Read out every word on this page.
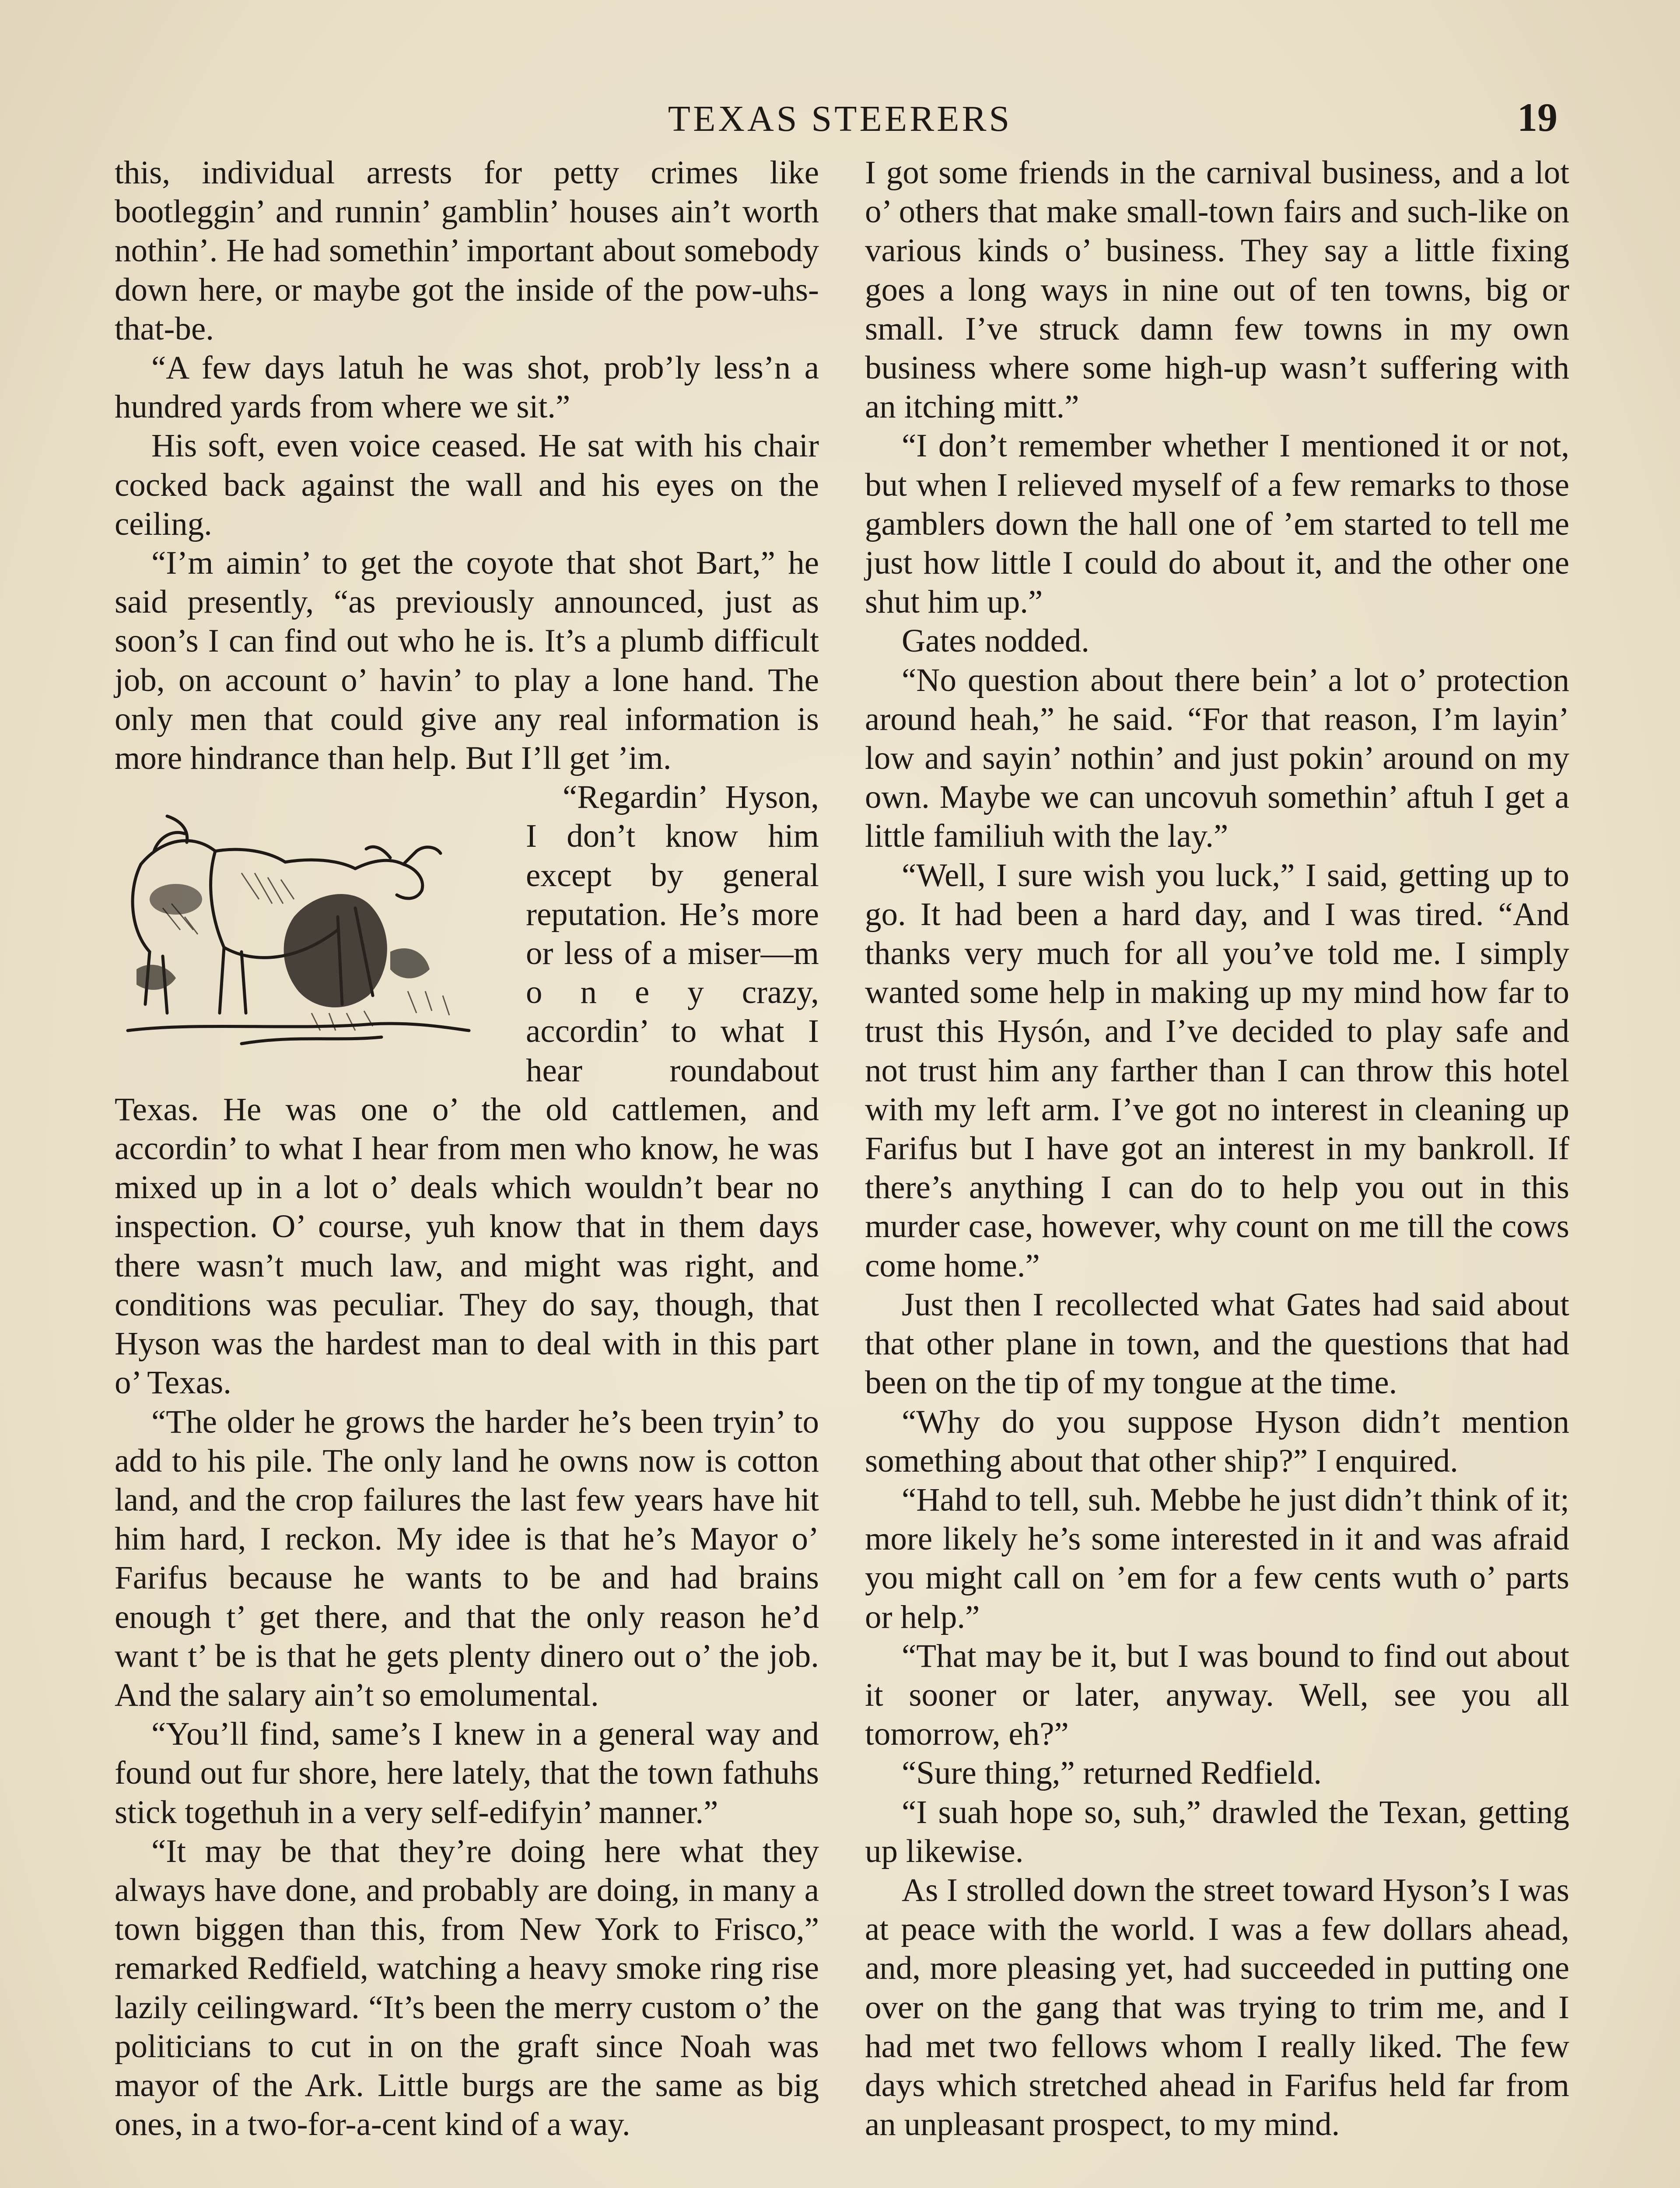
TEXAS STEERERS	19

this, individual arrests for petty crimes like bootleggin’ and runnin’ gamblin’ houses ain’t worth nothin’. He had somethin’ important about somebody down here, or maybe got the inside of the pow-uhs-that-be.

“A few days latuh he was shot, prob’ly less’n a hundred yards from where we sit.”

His soft, even voice ceased. He sat with his chair cocked back against the wall and his eyes on the ceiling.

“I’m aimin’ to get the coyote that shot Bart,” he said presently, “as previously announced, just as soon’s I can find out who he is. It’s a plumb difficult job, on account o’ havin’ to play a lone hand. The only men that could give any real information is more hindrance than help. But I’ll get ’im.

“Regardin’ Hyson, I don’t know him except by general reputation. He’s more or less of a miser—m o n e y crazy, accordin’ to what I hear roundabout Texas. He was one o’ the old cattlemen, and accordin’ to what I hear from men who know, he was mixed up in a lot o’ deals which wouldn’t bear no inspection. O’ course, yuh know that in them days there wasn’t much law, and might was right, and conditions was peculiar. They do say, though, that Hyson was the hardest man to deal with in this part o’ Texas.

“The older he grows the harder he’s been tryin’ to add to his pile. The only land he owns now is cotton land, and the crop failures the last few years have hit him hard, I reckon. My idee is that he’s Mayor o’ Farifus because he wants to be and had brains enough t’ get there, and that the only reason he’d want t’ be is that he gets plenty dinero out o’ the job. And the salary ain’t so emolumental.

“You’ll find, same’s I knew in a general way and found out fur shore, here lately, that the town fathuhs stick togethuh in a very self-edifyin’ manner.”

“It may be that they’re doing here what they always have done, and probably are doing, in many a town biggen than this, from New York to Frisco,” remarked Redfield, watching a heavy smoke ring rise lazily ceilingward. “It’s been the merry custom o’ the politicians to cut in on the graft since Noah was mayor of the Ark. Little burgs are the same as big ones, in a two-for-a-cent kind of a way.

I got some friends in the carnival business, and a lot o’ others that make small-town fairs and such-like on various kinds o’ business. They say a little fixing goes a long ways in nine out of ten towns, big or small. I’ve struck damn few towns in my own business where some high-up wasn’t suffering with an itching mitt.”

“I don’t remember whether I mentioned it or not, but when I relieved myself of a few remarks to those gamblers down the hall one of ’em started to tell me just how little I could do about it, and the other one shut him up.”

Gates nodded.

“No question about there bein’ a lot o’ protection around heah,” he said. “For that reason, I’m layin’ low and sayin’ nothin’ and just pokin’ around on my own. Maybe we can uncovuh somethin’ aftuh I get a little familiuh with the lay.”

“Well, I sure wish you luck,” I said, getting up to go. It had been a hard day, and I was tired. “And thanks very much for all you’ve told me. I simply wanted some help in making up my mind how far to trust this Hysón, and I’ve decided to play safe and not trust him any farther than I can throw this hotel with my left arm. I’ve got no interest in cleaning up Farifus but I have got an interest in my bankroll. If there’s anything I can do to help you out in this murder case, however, why count on me till the cows come home.”

Just then I recollected what Gates had said about that other plane in town, and the questions that had been on the tip of my tongue at the time.

“Why do you suppose Hyson didn’t mention something about that other ship?” I enquired.

“Hahd to tell, suh. Mebbe he just didn’t think of it; more likely he’s some interested in it and was afraid you might call on ’em for a few cents wuth o’ parts or help.”

“That may be it, but I was bound to find out about it sooner or later, anyway. Well, see you all tomorrow, eh?”

“Sure thing,” returned Redfield.

“I suah hope so, suh,” drawled the Texan, getting up likewise.

As I strolled down the street toward Hyson’s I was at peace with the world. I was a few dollars ahead, and, more pleasing yet, had succeeded in putting one over on the gang that was trying to trim me, and I had met two fellows whom I really liked. The few days which stretched ahead in Farifus held far from an unpleasant prospect, to my mind.
